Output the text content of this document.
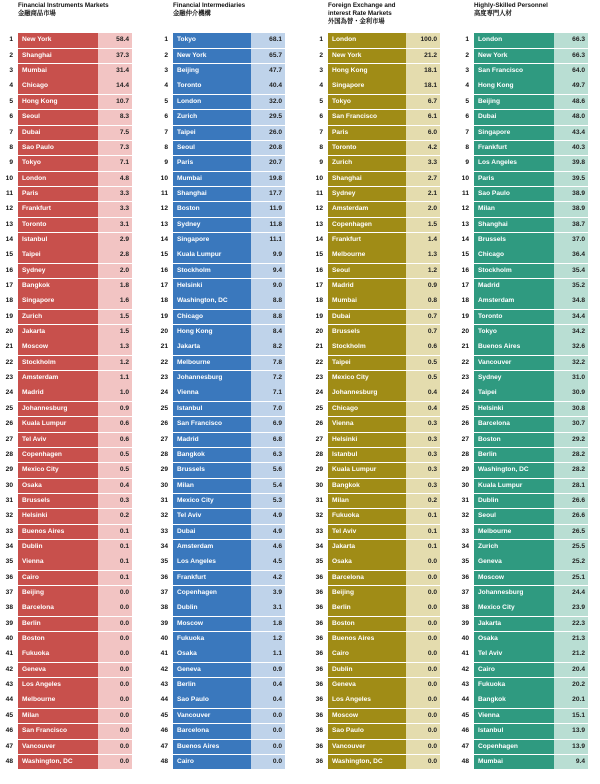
Financial Instruments Markets
金融商品市場
1	New York	58.4
2	Shanghai	37.3
3	Mumbai	31.4
4	Chicago	14.4
5	Hong Kong	10.7
6	Seoul	8.3
7	Dubai	7.5
8	Sao Paulo	7.3
9	Tokyo	7.1
10	London	4.8
11	Paris	3.3
12	Frankfurt	3.3
13	Toronto	3.1
14	Istanbul	2.9
15	Taipei	2.8
16	Sydney	2.0
17	Bangkok	1.8
18	Singapore	1.6
19	Zurich	1.5
20	Jakarta	1.5
21	Moscow	1.3
22	Stockholm	1.2
23	Amsterdam	1.1
24	Madrid	1.0
25	Johannesburg	0.9
26	Kuala Lumpur	0.6
27	Tel Aviv	0.6
28	Copenhagen	0.5
29	Mexico City	0.5
30	Osaka	0.4
31	Brussels	0.3
32	Helsinki	0.2
33	Buenos Aires	0.1
34	Dublin	0.1
35	Vienna	0.1
36	Cairo	0.1
37	Beijing	0.0
38	Barcelona	0.0
39	Berlin	0.0
40	Boston	0.0
41	Fukuoka	0.0
42	Geneva	0.0
43	Los Angeles	0.0
44	Melbourne	0.0
45	Milan	0.0
46	San Francisco	0.0
47	Vancouver	0.0
48	Washington, DC	0.0
Financial Intermediaries
金融仲介機構
1	Tokyo	68.1
2	New York	65.7
3	Beijing	47.7
4	Toronto	40.4
5	London	32.0
6	Zurich	29.5
7	Taipei	26.0
8	Seoul	20.8
9	Paris	20.7
10	Mumbai	19.8
11	Shanghai	17.7
12	Boston	11.9
13	Sydney	11.8
14	Singapore	11.1
15	Kuala Lumpur	9.9
16	Stockholm	9.4
17	Helsinki	9.0
18	Washington, DC	8.8
19	Chicago	8.8
20	Hong Kong	8.4
21	Jakarta	8.2
22	Melbourne	7.8
23	Johannesburg	7.2
24	Vienna	7.1
25	Istanbul	7.0
26	San Francisco	6.9
27	Madrid	6.8
28	Bangkok	6.3
29	Brussels	5.6
30	Milan	5.4
31	Mexico City	5.3
32	Tel Aviv	4.9
33	Dubai	4.9
34	Amsterdam	4.6
35	Los Angeles	4.5
36	Frankfurt	4.2
37	Copenhagen	3.9
38	Dublin	3.1
39	Moscow	1.8
40	Fukuoka	1.2
41	Osaka	1.1
42	Geneva	0.9
43	Berlin	0.4
44	Sao Paulo	0.4
45	Vancouver	0.0
46	Barcelona	0.0
47	Buenos Aires	0.0
48	Cairo	0.0
Foreign Exchange and
interest Rate Markets
外国為替・金利市場
1	London	100.0
2	New York	21.2
3	Hong Kong	18.1
4	Singapore	18.1
5	Tokyo	6.7
6	San Francisco	6.1
7	Paris	6.0
8	Toronto	4.2
9	Zurich	3.3
10	Shanghai	2.7
11	Sydney	2.1
12	Amsterdam	2.0
13	Copenhagen	1.5
14	Frankfurt	1.4
15	Melbourne	1.3
16	Seoul	1.2
17	Madrid	0.9
18	Mumbai	0.8
19	Dubai	0.7
20	Brussels	0.7
21	Stockholm	0.6
22	Taipei	0.5
23	Mexico City	0.5
24	Johannesburg	0.4
25	Chicago	0.4
26	Vienna	0.3
27	Helsinki	0.3
28	Istanbul	0.3
29	Kuala Lumpur	0.3
30	Bangkok	0.3
31	Milan	0.2
32	Fukuoka	0.1
33	Tel Aviv	0.1
34	Jakarta	0.1
35	Osaka	0.0
36	Barcelona	0.0
36	Beijing	0.0
36	Berlin	0.0
36	Boston	0.0
36	Buenos Aires	0.0
36	Cairo	0.0
36	Dublin	0.0
36	Geneva	0.0
36	Los Angeles	0.0
36	Moscow	0.0
36	Sao Paulo	0.0
36	Vancouver	0.0
36	Washington, DC	0.0
Highly-Skilled Personnel
高度専門人材
1	London	66.3
2	New York	66.3
3	San Francisco	64.0
4	Hong Kong	49.7
5	Beijing	48.6
6	Dubai	48.0
7	Singapore	43.4
8	Frankfurt	40.3
9	Los Angeles	39.8
10	Paris	39.5
11	Sao Paulo	38.9
12	Milan	38.9
13	Shanghai	38.7
14	Brussels	37.0
15	Chicago	36.4
16	Stockholm	35.4
17	Madrid	35.2
18	Amsterdam	34.8
19	Toronto	34.4
20	Tokyo	34.2
21	Buenos Aires	32.6
22	Vancouver	32.2
23	Sydney	31.0
24	Taipei	30.9
25	Helsinki	30.8
26	Barcelona	30.7
27	Boston	29.2
28	Berlin	28.2
29	Washington, DC	28.2
30	Kuala Lumpur	28.1
31	Dublin	26.6
32	Seoul	26.6
33	Melbourne	26.5
34	Zurich	25.5
35	Geneva	25.2
36	Moscow	25.1
37	Johannesburg	24.4
38	Mexico City	23.9
39	Jakarta	22.3
40	Osaka	21.3
41	Tel Aviv	21.2
42	Cairo	20.4
43	Fukuoka	20.2
44	Bangkok	20.1
45	Vienna	15.1
46	Istanbul	13.9
47	Copenhagen	13.9
48	Mumbai	9.4
